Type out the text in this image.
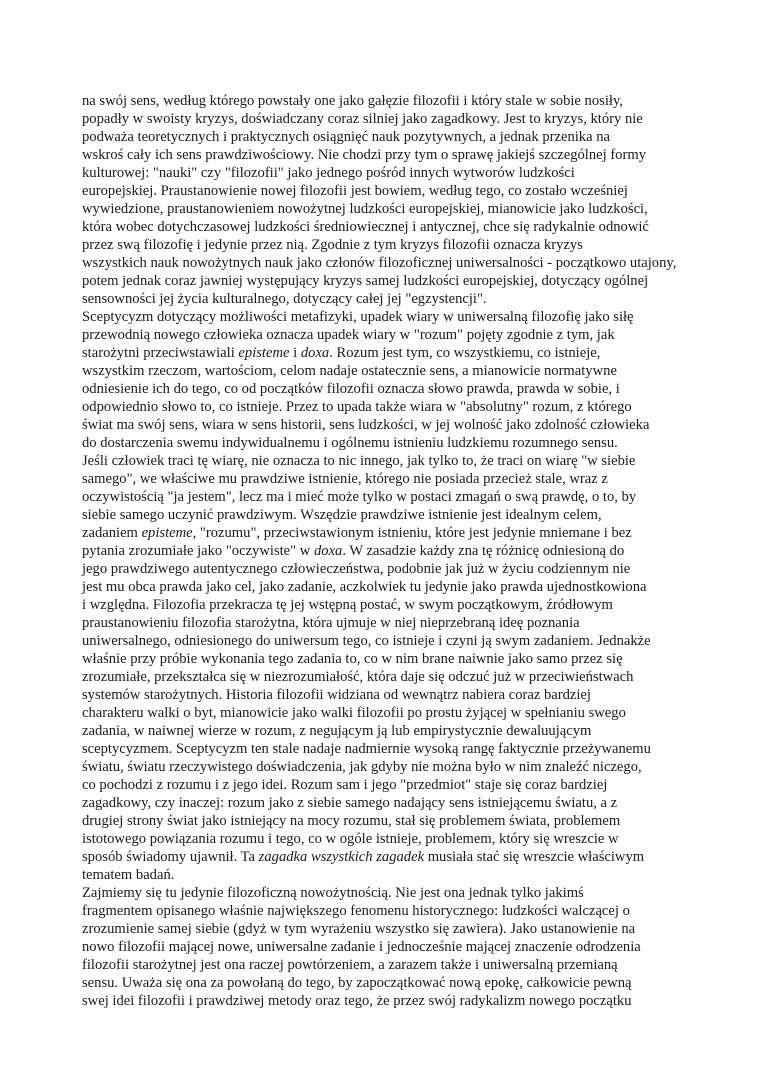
na swój sens, według którego powstały one jako gałęzie filozofii i który stale w sobie nosiły,
popadły w swoisty kryzys, doświadczany coraz silniej jako zagadkowy. Jest to kryzys, który nie
podważa teoretycznych i praktycznych osiągnięć nauk pozytywnych, a jednak przenika na
wskroś cały ich sens prawdziwościowy. Nie chodzi przy tym o sprawę jakiejś szczególnej formy
kulturowej: "nauki" czy "filozofii" jako jednego pośród innych wytworów ludzkości
europejskiej. Praustanowienie nowej filozofii jest bowiem, według tego, co zostało wcześniej
wywiedzione, praustanowieniem nowożytnej ludzkości europejskiej, mianowicie jako ludzkości,
która wobec dotychczasowej ludzkości średniowiecznej i antycznej, chce się radykalnie odnowić
przez swą filozofię i jedynie przez nią. Zgodnie z tym kryzys filozofii oznacza kryzys
wszystkich nauk nowożytnych nauk jako członów filozoficznej uniwersalności - początkowo utajony,
potem jednak coraz jawniej występujący kryzys samej ludzkości europejskiej, dotyczący ogólnej
sensowności jej życia kulturalnego, dotyczący całej jej "egzystencji".
Sceptycyzm dotyczący możliwości metafizyki, upadek wiary w uniwersalną filozofię jako siłę
przewodnią nowego człowieka oznacza upadek wiary w "rozum" pojęty zgodnie z tym, jak
starożytni przeciwstawiali episteme i doxa. Rozum jest tym, co wszystkiemu, co istnieje,
wszystkim rzeczom, wartościom, celom nadaje ostatecznie sens, a mianowicie normatywne
odniesienie ich do tego, co od początków filozofii oznacza słowo prawda, prawda w sobie, i
odpowiednio słowo to, co istnieje. Przez to upada także wiara w "absolutny" rozum, z którego
świat ma swój sens, wiara w sens historii, sens ludzkości, w jej wolność jako zdolność człowieka
do dostarczenia swemu indywidualnemu i ogólnemu istnieniu ludzkiemu rozumnego sensu.
Jeśli człowiek traci tę wiarę, nie oznacza to nic innego, jak tylko to, że traci on wiarę "w siebie
samego", we właściwe mu prawdziwe istnienie, którego nie posiada przecież stale, wraz z
oczywistością "ja jestem", lecz ma i mieć może tylko w postaci zmagań o swą prawdę, o to, by
siebie samego uczynić prawdziwym. Wszędzie prawdziwe istnienie jest idealnym celem,
zadaniem episteme, "rozumu", przeciwstawionym istnieniu, które jest jedynie mniemane i bez
pytania zrozumiałe jako "oczywiste" w doxa. W zasadzie każdy zna tę różnicę odniesioną do
jego prawdziwego autentycznego człowieczeństwa, podobnie jak już w życiu codziennym nie
jest mu obca prawda jako cel, jako zadanie, aczkolwiek tu jedynie jako prawda ujednostkowiona
i względna. Filozofia przekracza tę jej wstępną postać, w swym początkowym, źródłowym
praustanowieniu filozofia starożytna, która ujmuje w niej nieprzebraną ideę poznania
uniwersalnego, odniesionego do uniwersum tego, co istnieje i czyni ją swym zadaniem. Jednakże
właśnie przy próbie wykonania tego zadania to, co w nim brane naiwnie jako samo przez się
zrozumiałe, przekształca się w niezrozumiałość, która daje się odczuć już w przeciwieństwach
systemów starożytnych. Historia filozofii widziana od wewnątrz nabiera coraz bardziej
charakteru walki o byt, mianowicie jako walki filozofii po prostu żyjącej w spełnianiu swego
zadania, w naiwnej wierze w rozum, z negującym ją lub empirystycznie dewaluującym
sceptycyzmem. Sceptycyzm ten stale nadaje nadmiernie wysoką rangę faktycznie przeżywanemu
światu, światu rzeczywistego doświadczenia, jak gdyby nie można było w nim znaleźć niczego,
co pochodzi z rozumu i z jego idei. Rozum sam i jego "przedmiot" staje się coraz bardziej
zagadkowy, czy inaczej: rozum jako z siebie samego nadający sens istniejącemu światu, a z
drugiej strony świat jako istniejący na mocy rozumu, stał się problemem świata, problemem
istotowego powiązania rozumu i tego, co w ogóle istnieje, problemem, który się wreszcie w
sposób świadomy ujawnił. Ta zagadka wszystkich zagadek musiała stać się wreszcie właściwym
tematem badań.
Zajmiemy się tu jedynie filozoficzną nowożytnością. Nie jest ona jednak tylko jakimś
fragmentem opisanego właśnie największego fenomenu historycznego: ludzkości walczącej o
zrozumienie samej siebie (gdyż w tym wyrażeniu wszystko się zawiera). Jako ustanowienie na
nowo filozofii mającej nowe, uniwersalne zadanie i jednocześnie mającej znaczenie odrodzenia
filozofii starożytnej jest ona raczej powtórzeniem, a zarazem także i uniwersalną przemianą
sensu. Uważa się ona za powołaną do tego, by zapoczątkować nową epokę, całkowicie pewną
swej idei filozofii i prawdziwej metody oraz tego, że przez swój radykalizm nowego początku
